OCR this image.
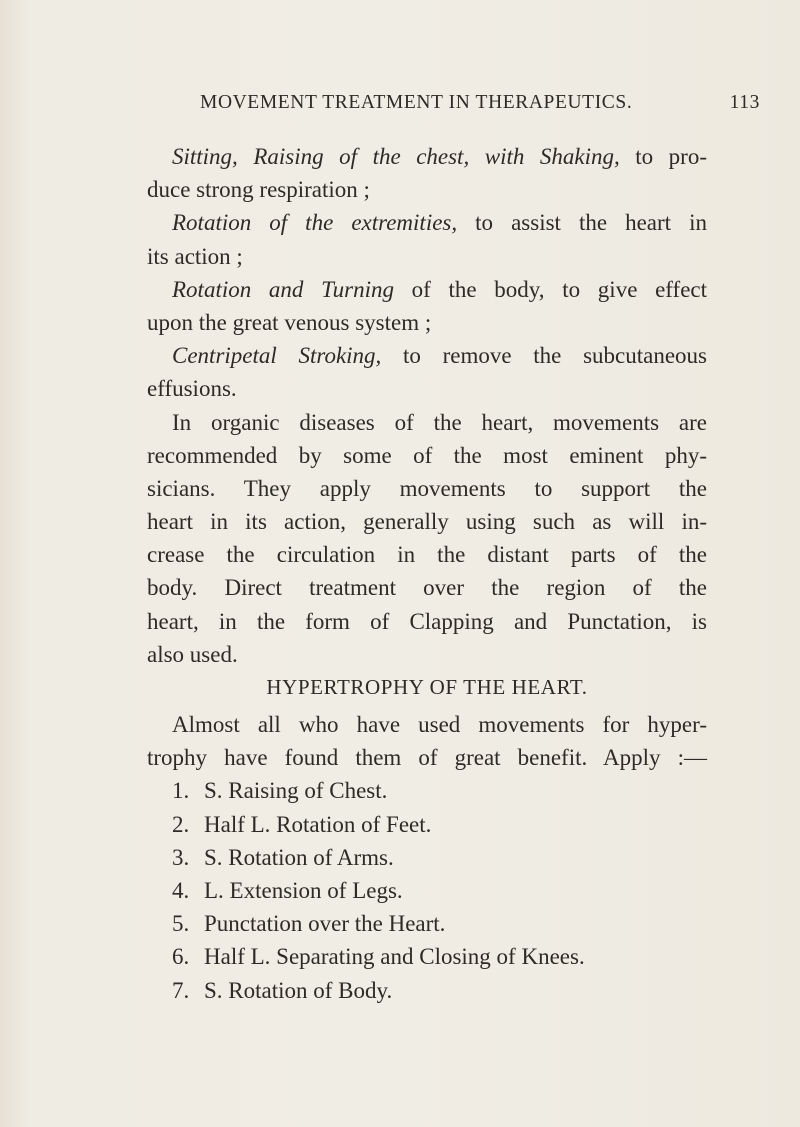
MOVEMENT TREATMENT IN THERAPEUTICS.	113
Sitting, Raising of the chest, with Shaking, to pro-
duce strong respiration ;
Rotation of the extremities, to assist the heart in
its action ;
Rotation and Turning of the body, to give effect
upon the great venous system ;
Centripetal Stroking, to remove the subcutaneous
effusions.
In organic diseases of the heart, movements are
recommended by some of the most eminent phy-
sicians. They apply movements to support the
heart in its action, generally using such as will in-
crease the circulation in the distant parts of the
body. Direct treatment over the region of the
heart, in the form of Clapping and Punctation, is
also used.
HYPERTROPHY OF THE HEART.
Almost all who have used movements for hyper-
trophy have found them of great benefit. Apply :—
1. S. Raising of Chest.
2. Half L. Rotation of Feet.
3. S. Rotation of Arms.
4. L. Extension of Legs.
5. Punctation over the Heart.
6. Half L. Separating and Closing of Knees.
7. S. Rotation of Body.
